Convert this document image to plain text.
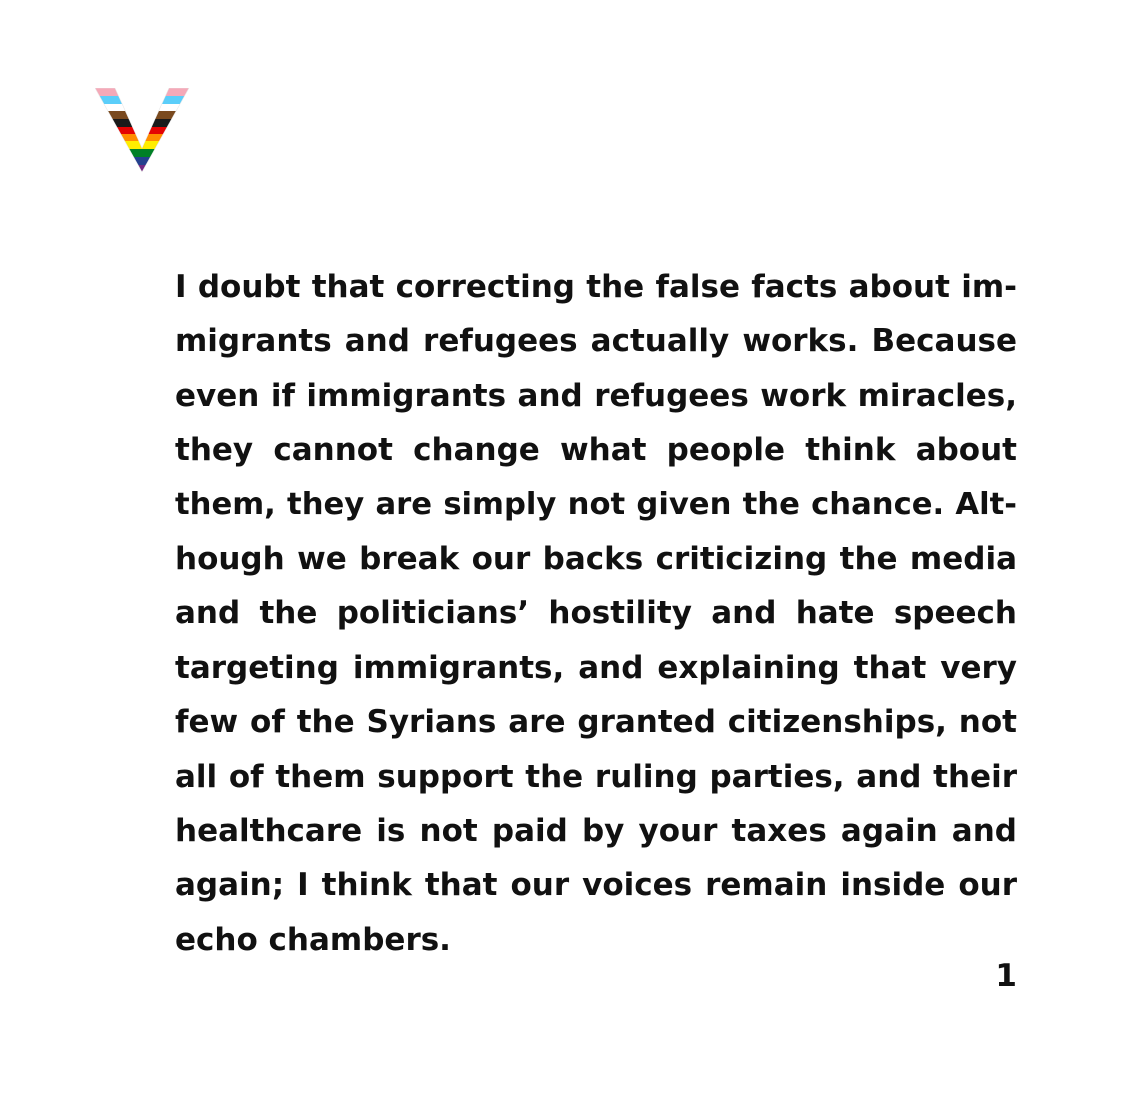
I doubt that correcting the false facts about im-
migrants and refugees actually works. Because
even if immigrants and refugees work miracles,
they cannot change what people think about
them, they are simply not given the chance. Alt-
hough we break our backs criticizing the media
and the politicians’ hostility and hate speech
targeting immigrants, and explaining that very
few of the Syrians are granted citizenships, not
all of them support the ruling parties, and their
healthcare is not paid by your taxes again and
again; I think that our voices remain inside our
echo chambers.
1
